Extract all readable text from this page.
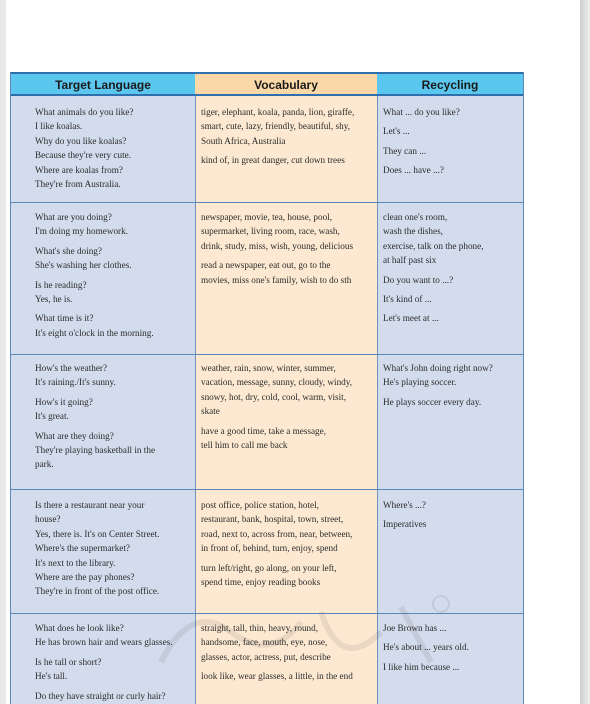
Target Language	Vocabulary	Recycling
What animals do you like?
I like koalas.
Why do you like koalas?
Because they're very cute.
Where are koalas from?
They're from Australia.
tiger, elephant, koala, panda, lion, giraffe,
smart, cute, lazy, friendly, beautiful, shy,
South Africa, Australia
kind of, in great danger, cut down trees
What ... do you like?
Let's ...
They can ...
Does ... have ...?
What are you doing?
I'm doing my homework.
What's she doing?
She's washing her clothes.
Is he reading?
Yes, he is.
What time is it?
It's eight o'clock in the morning.
newspaper, movie, tea, house, pool,
supermarket, living room, race, wash,
drink, study, miss, wish, young, delicious
read a newspaper, eat out, go to the
movies, miss one's family, wish to do sth
clean one's room,
wash the dishes,
exercise, talk on the phone,
at half past six
Do you want to ...?
It's kind of ...
Let's meet at ...
How's the weather?
It's raining./It's sunny.
How's it going?
It's great.
What are they doing?
They're playing basketball in the
park.
weather, rain, snow, winter, summer,
vacation, message, sunny, cloudy, windy,
snowy, hot, dry, cold, cool, warm, visit,
skate
have a good time, take a message,
tell him to call me back
What's John doing right now?
He's playing soccer.
He plays soccer every day.
Is there a restaurant near your
house?
Yes, there is. It's on Center Street.
Where's the supermarket?
It's next to the library.
Where are the pay phones?
They're in front of the post office.
post office, police station, hotel,
restaurant, bank, hospital, town, street,
road, next to, across from, near, between,
in front of, behind, turn, enjoy, spend
turn left/right, go along, on your left,
spend time, enjoy reading books
Where's ...?
Imperatives
What does he look like?
He has brown hair and wears glasses.
Is he tall or short?
He's tall.
Do they have straight or curly hair?
straight, tall, thin, heavy, round,
handsome, face, mouth, eye, nose,
glasses, actor, actress, put, describe
look like, wear glasses, a little, in the end
Joe Brown has ...
He's about ... years old.
I like him because ...
